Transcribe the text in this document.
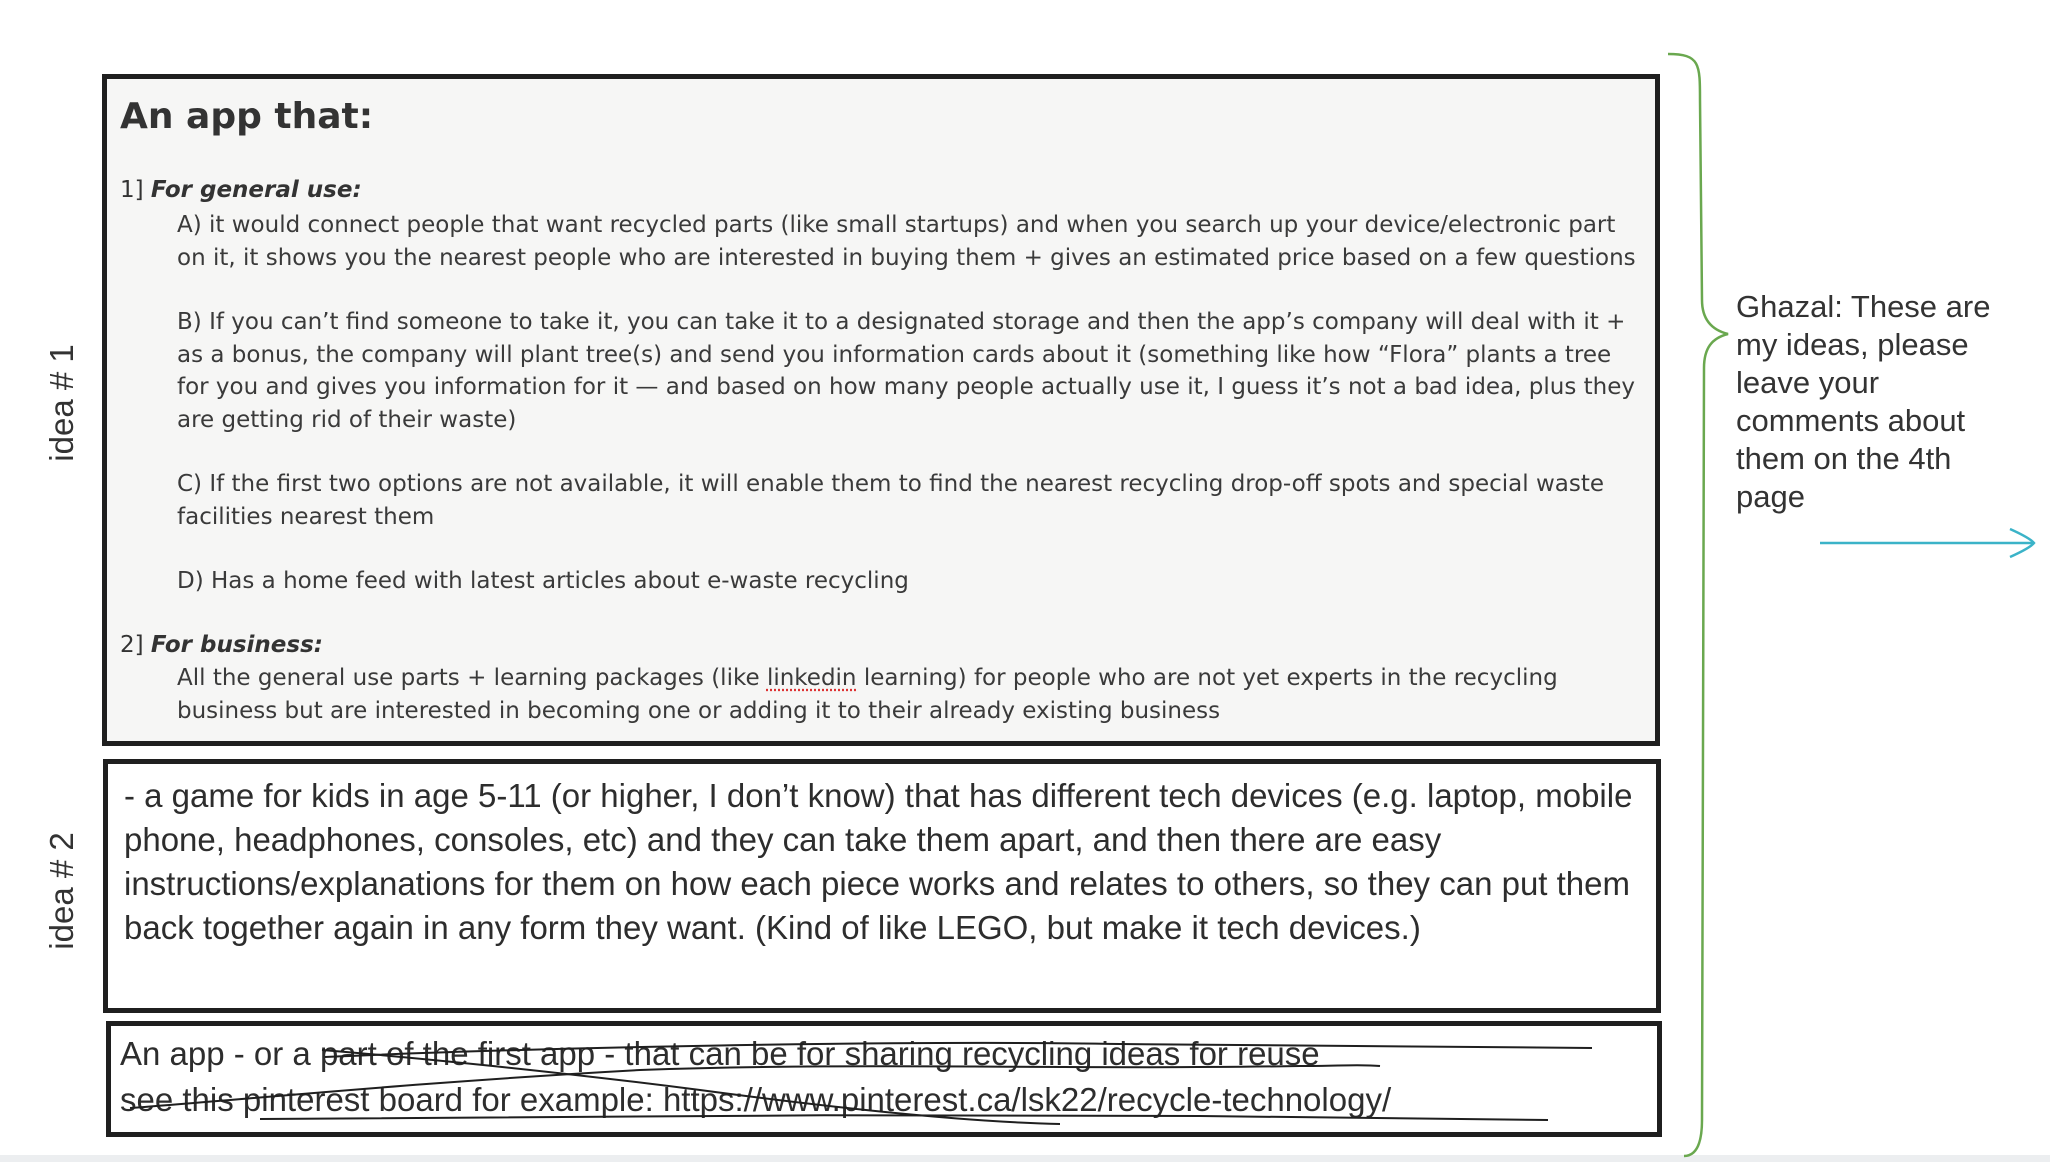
idea # 1
idea # 2
An app that:
1] For general use:

A) it would connect people that want recycled parts (like small startups) and when you search up your device/electronic part on it, it shows you the nearest people who are interested in buying them + gives an estimated price based on a few questions

B) If you can’t find someone to take it, you can take it to a designated storage and then the app’s company will deal with it + as a bonus, the company will plant tree(s) and send you information cards about it (something like how “Flora” plants a tree for you and gives you information for it — and based on how many people actually use it, I guess it’s not a bad idea, plus they are getting rid of their waste)

C) If the first two options are not available, it will enable them to find the nearest recycling drop-off spots and special waste facilities nearest them

D) Has a home feed with latest articles about e-waste recycling

2] For business:

All the general use parts + learning packages (like linkedin learning) for people who are not yet experts in the recycling business but are interested in becoming one or adding it to their already existing business

- a game for kids in age 5-11 (or higher, I don’t know) that has different tech devices (e.g. laptop, mobile phone, headphones, consoles, etc) and they can take them apart, and then there are easy instructions/explanations for them on how each piece works and relates to others, so they can put them back together again in any form they want. (Kind of like LEGO, but make it tech devices.)

An app - or a part of the first app - that can be for sharing recycling ideas for reuse
see this pinterest board for example: https://www.pinterest.ca/lsk22/recycle-technology/

Ghazal: These are my ideas, please leave your comments about them on the 4th page
